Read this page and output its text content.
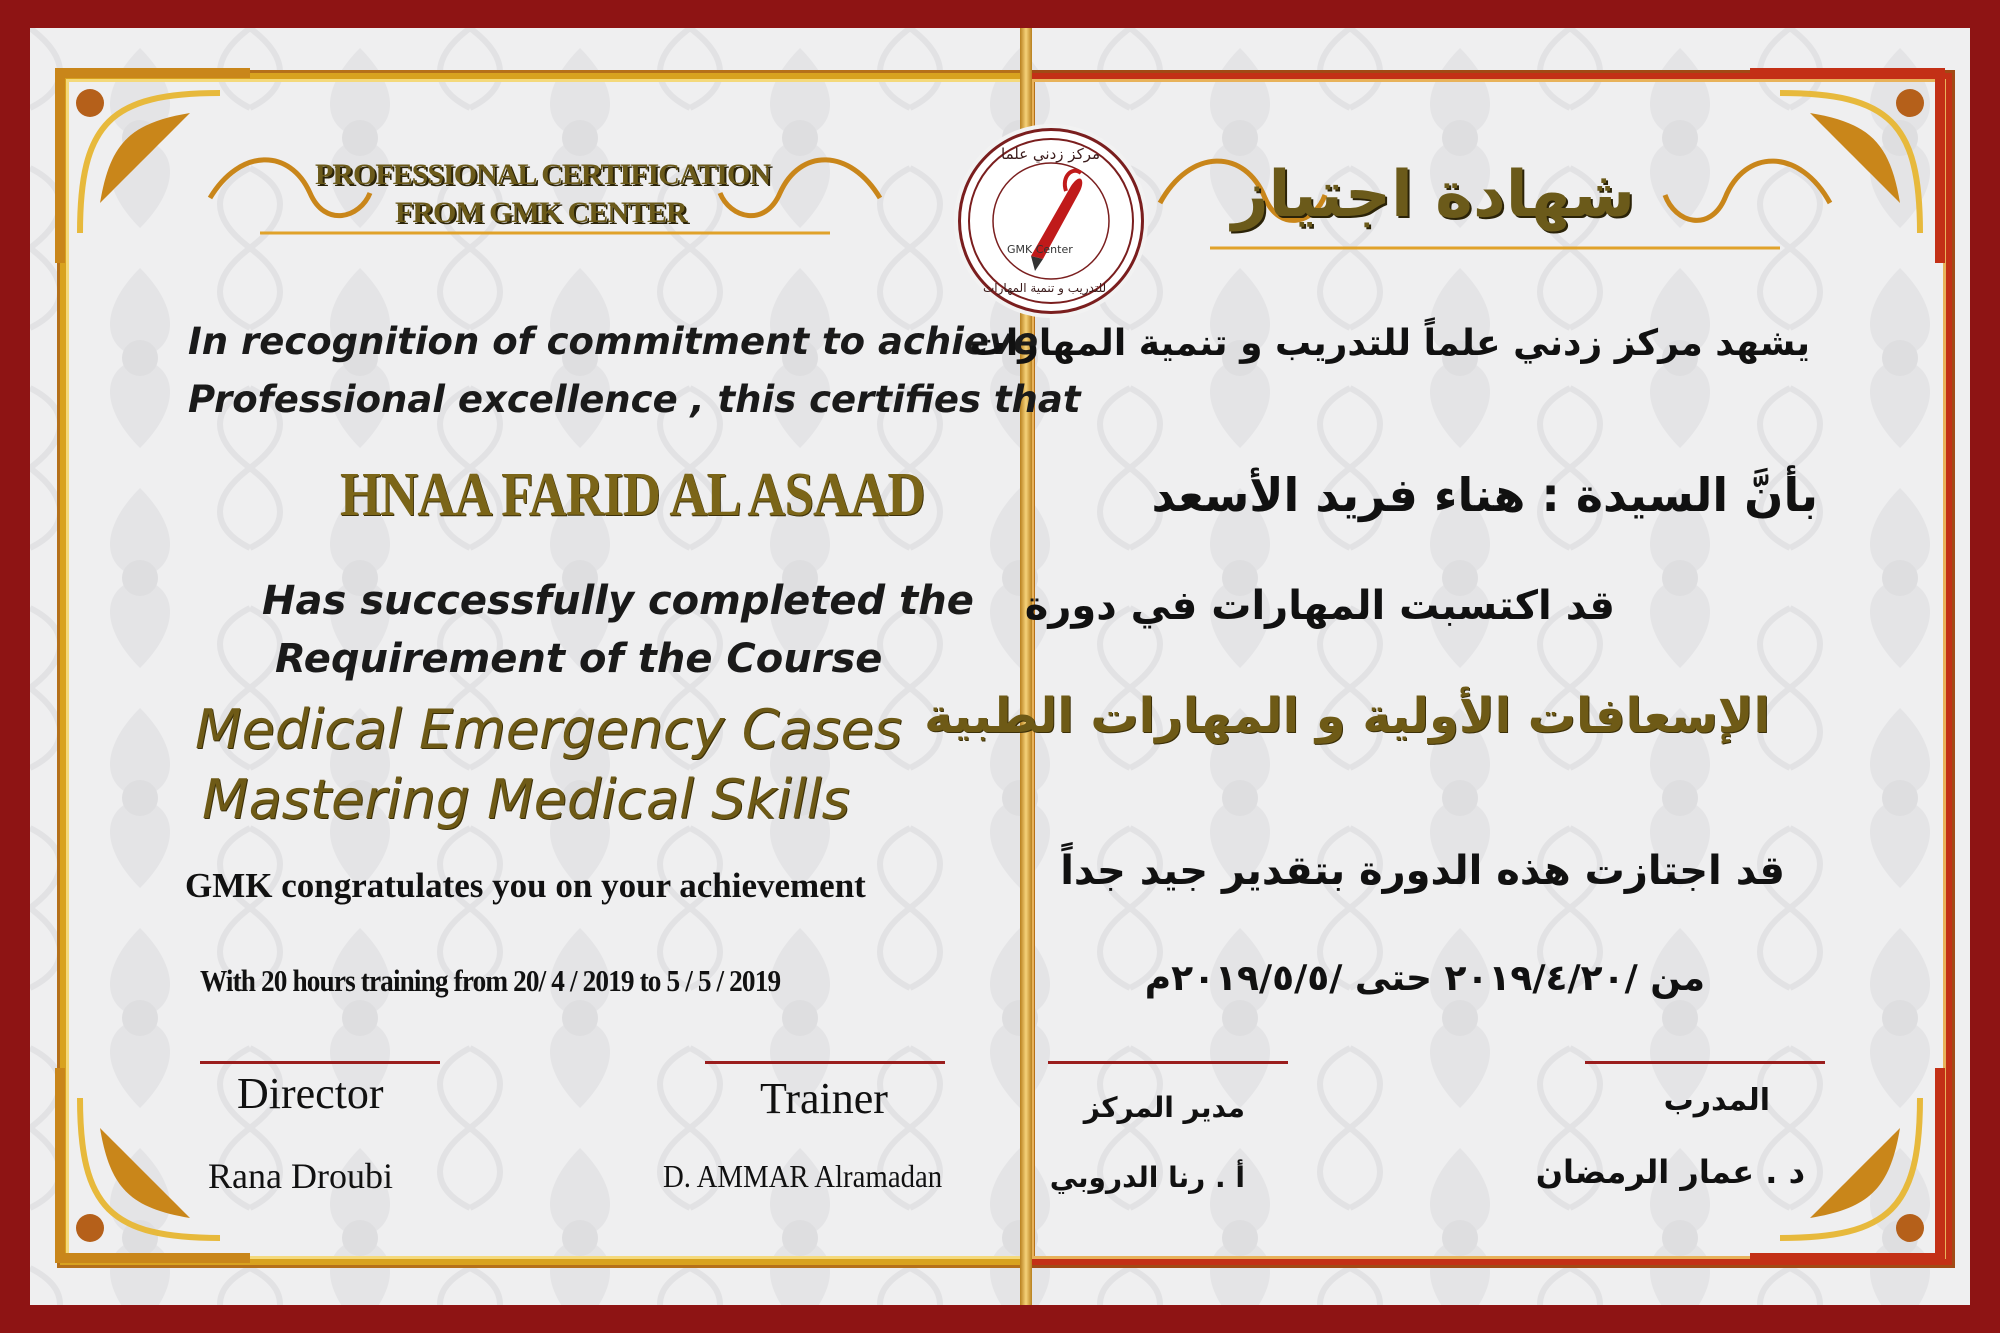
مركز زدني علما
GMK Center
للتدريب و تنمية المهارات
PROFESSIONAL CERTIFICATION
FROM GMK CENTER
In recognition of commitment to achieve
Professional excellence , this certifies that
HNAA FARID AL ASAAD
Has successfully completed the
Requirement of the Course
Medical Emergency Cases
Mastering Medical Skills
GMK congratulates you on your achievement
With 20 hours training from 20/ 4 / 2019 to 5 / 5 / 2019
Director
Rana Droubi
Trainer
D. AMMAR Alramadan
شهادة اجتياز
يشهد مركز زدني علماً للتدريب و تنمية المهارات
بأنَّ السيدة : هناء فريد الأسعد
قد اكتسبت المهارات في دورة
الإسعافات الأولية و المهارات الطبية
قد اجتازت هذه الدورة بتقدير جيد جداً
من /٢٠١٩/٤/٢٠ حتى /٢٠١٩/٥/٥م
مدير المركز
أ . رنا الدروبي
المدرب
د . عمار الرمضان
